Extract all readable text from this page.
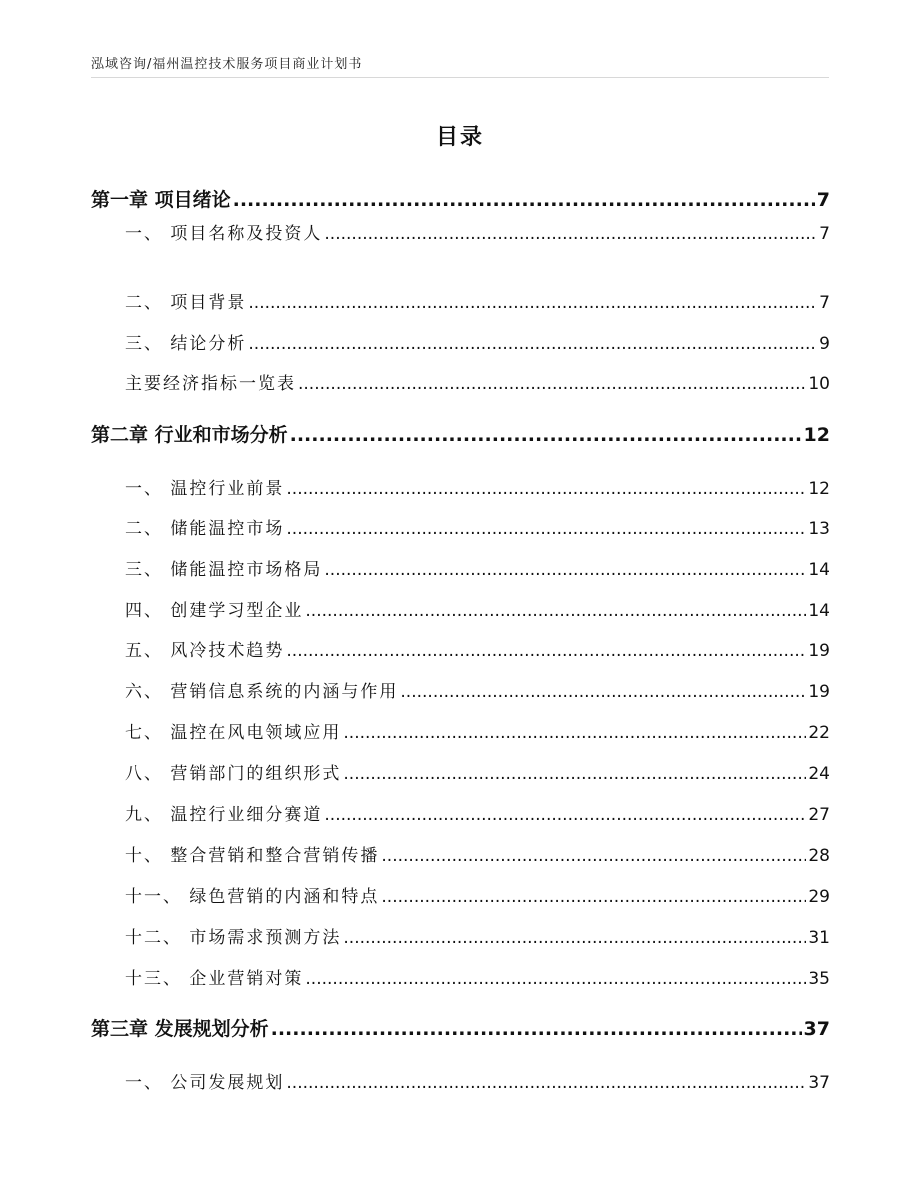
泓域咨询/福州温控技术服务项目商业计划书
目录
第一章 项目绪论 .....	7
一、 项目名称及投资人 .....	7
二、 项目背景 .....	7
三、 结论分析 .....	9
主要经济指标一览表 .....	10
第二章 行业和市场分析 .....	12
一、 温控行业前景 .....	12
二、 储能温控市场 .....	13
三、 储能温控市场格局 .....	14
四、 创建学习型企业 .....	14
五、 风冷技术趋势 .....	19
六、 营销信息系统的内涵与作用 .....	19
七、 温控在风电领域应用 .....	22
八、 营销部门的组织形式 .....	24
九、 温控行业细分赛道 .....	27
十、 整合营销和整合营销传播 .....	28
十一、 绿色营销的内涵和特点 .....	29
十二、 市场需求预测方法 .....	31
十三、 企业营销对策 .....	35
第三章 发展规划分析 .....	37
一、 公司发展规划 .....	37
